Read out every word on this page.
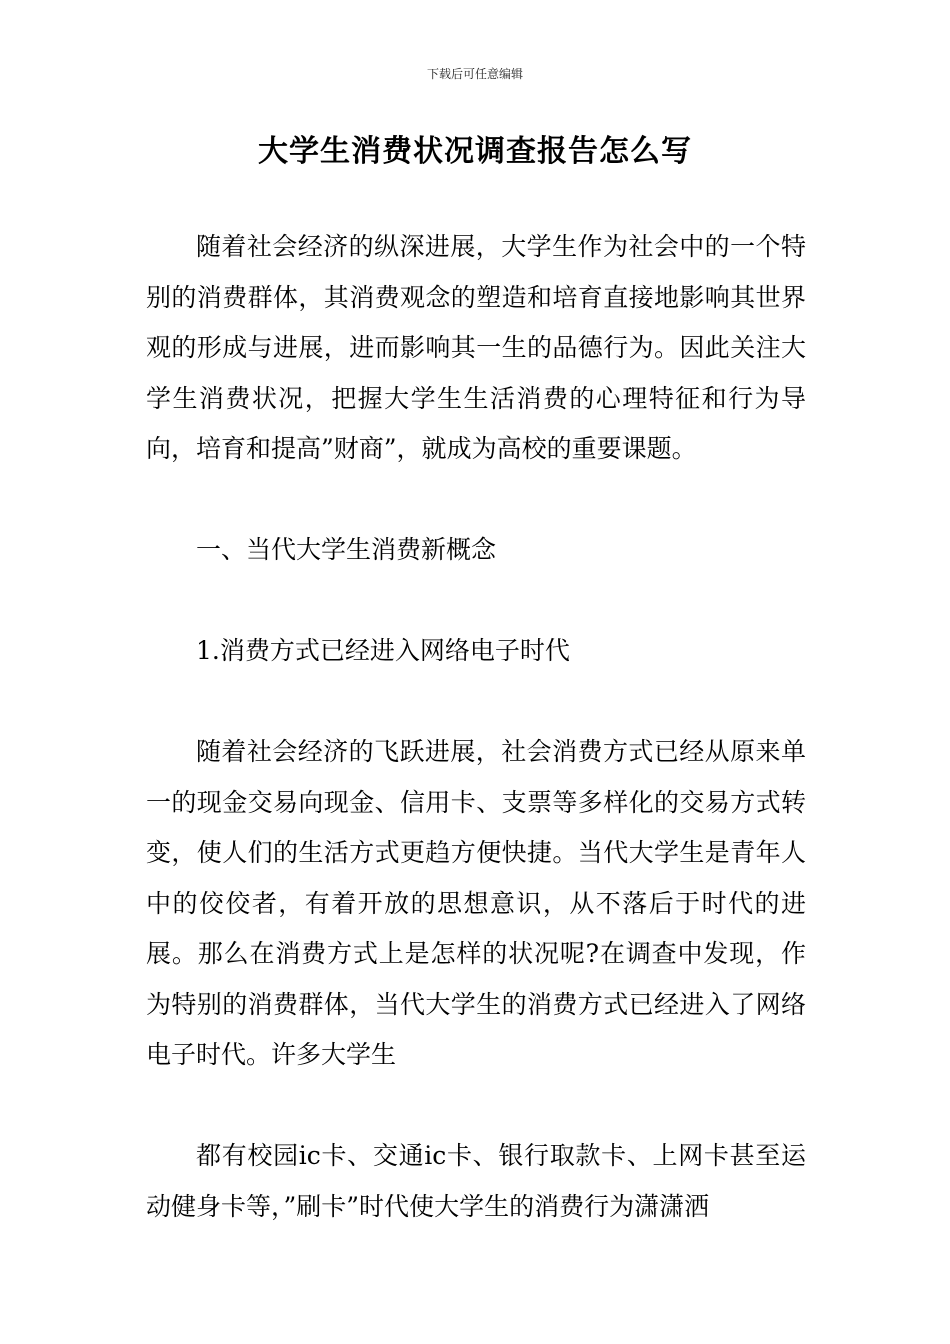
下载后可任意编辑
大学生消费状况调查报告怎么写

随着社会经济的纵深进展，大学生作为社会中的一个特别的消费群体，其消费观念的塑造和培育直接地影响其世界观的形成与进展，进而影响其一生的品德行为。因此关注大学生消费状况，把握大学生生活消费的心理特征和行为导向，培育和提高”财商”，就成为高校的重要课题。

一、当代大学生消费新概念

1.消费方式已经进入网络电子时代

随着社会经济的飞跃进展，社会消费方式已经从原来单一的现金交易向现金、信用卡、支票等多样化的交易方式转变，使人们的生活方式更趋方便快捷。当代大学生是青年人中的佼佼者，有着开放的思想意识，从不落后于时代的进展。那么在消费方式上是怎样的状况呢?在调查中发现，作为特别的消费群体，当代大学生的消费方式已经进入了网络电子时代。许多大学生

都有校园ic卡、交通ic卡、银行取款卡、上网卡甚至运动健身卡等，”刷卡”时代使大学生的消费行为潇潇洒
